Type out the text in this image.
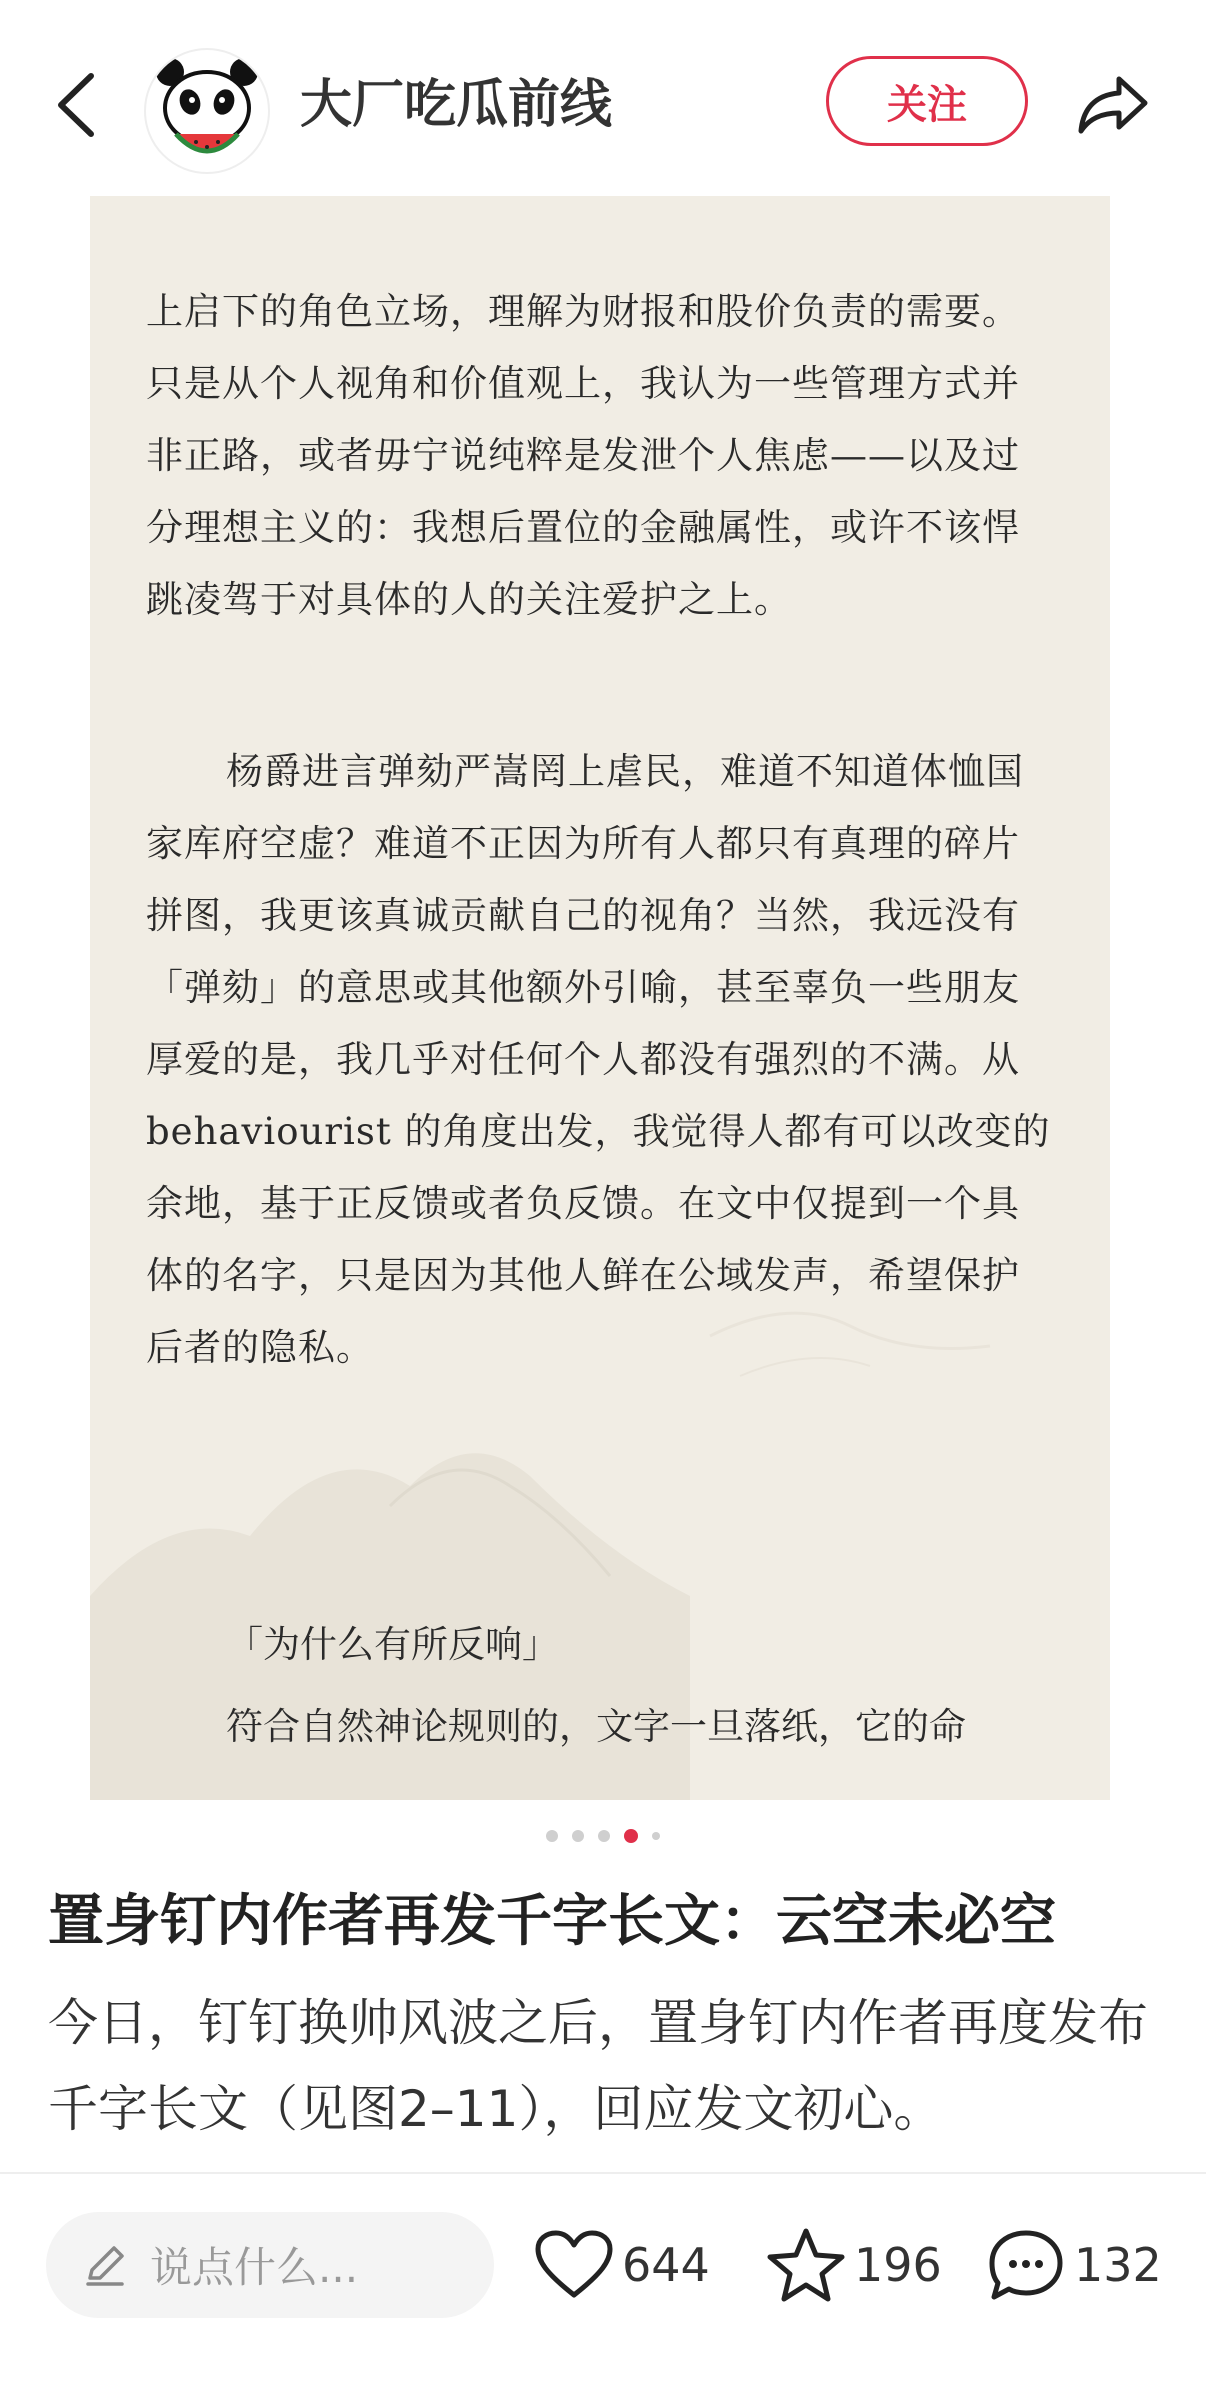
大厂吃瓜前线	关注

上启下的角色立场，理解为财报和股价负责的需要。只是从个人视角和价值观上，我认为一些管理方式并非正路，或者毋宁说纯粹是发泄个人焦虑——以及过分理想主义的：我想后置位的金融属性，或许不该悍跳凌驾于对具体的人的关注爱护之上。

杨爵进言弹劾严嵩罔上虐民，难道不知道体恤国家库府空虚？难道不正因为所有人都只有真理的碎片拼图，我更该真诚贡献自己的视角？当然，我远没有「弹劾」的意思或其他额外引喻，甚至辜负一些朋友厚爱的是，我几乎对任何个人都没有强烈的不满。从 behaviourist 的角度出发，我觉得人都有可以改变的余地，基于正反馈或者负反馈。在文中仅提到一个具体的名字，只是因为其他人鲜在公域发声，希望保护后者的隐私。

「为什么有所反响」
符合自然神论规则的，文字一旦落纸，它的命
置身钉内作者再发千字长文：云空未必空
今日，钉钉换帅风波之后，置身钉内作者再度发布千字长文（见图2–11），回应发文初心。
说点什么...	644	196	132
